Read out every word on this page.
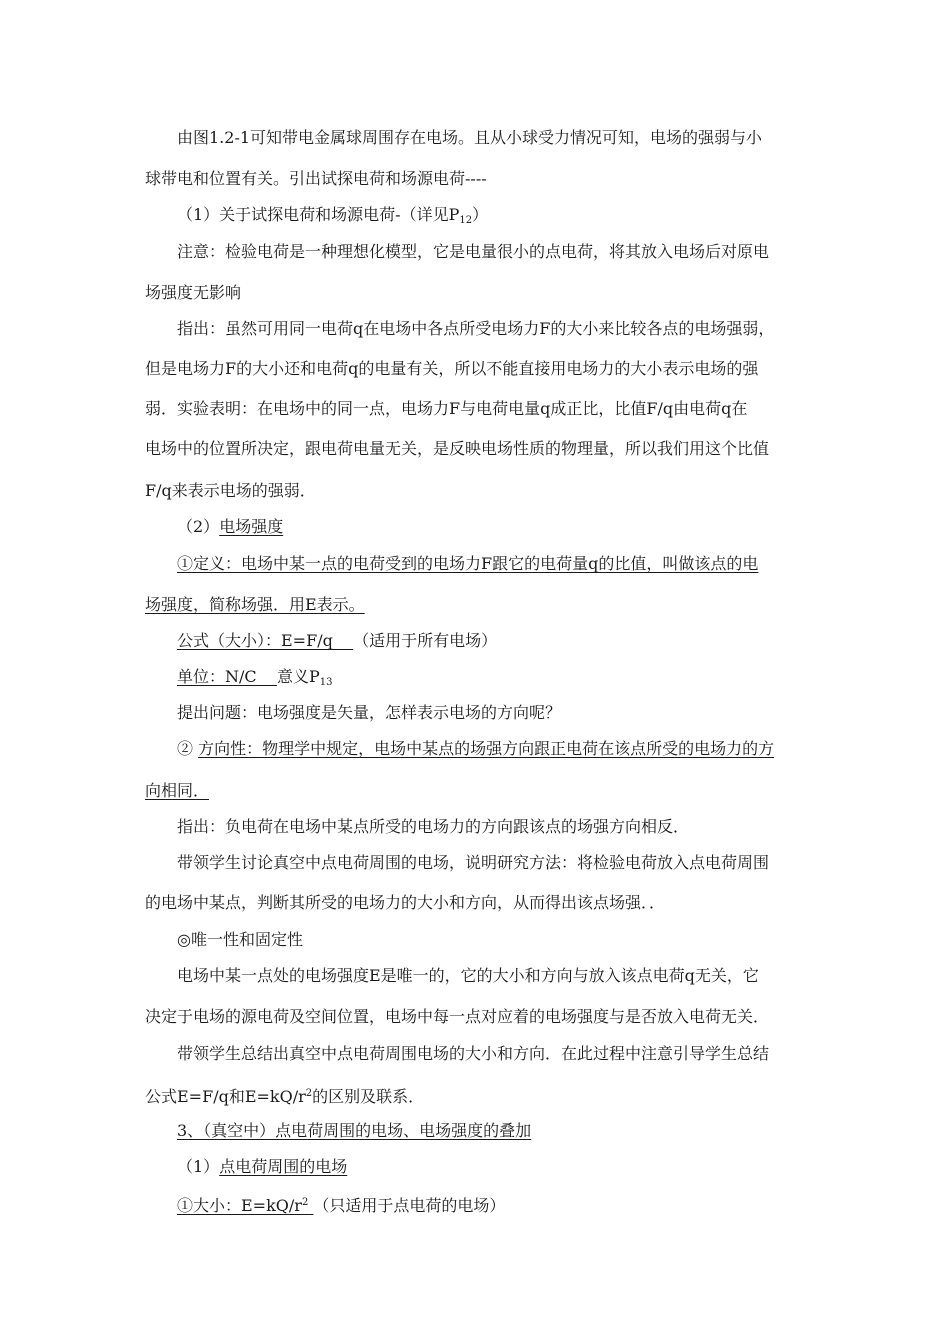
由图1.2-1可知带电金属球周围存在电场。且从小球受力情况可知，电场的强弱与小
球带电和位置有关。引出试探电荷和场源电荷----
（1）关于试探电荷和场源电荷-（详见$P_{12}$）
注意：检验电荷是一种理想化模型，它是电量很小的点电荷，将其放入电场后对原电
场强度无影响
指出：虽然可用同一电荷q在电场中各点所受电场力F的大小来比较各点的电场强弱，
但是电场力F的大小还和电荷q的电量有关，所以不能直接用电场力的大小表示电场的强
弱．实验表明：在电场中的同一点，电场力F与电荷电量q成正比，比值F/q由电荷q在
电场中的位置所决定，跟电荷电量无关，是反映电场性质的物理量，所以我们用这个比值
F/q来表示电场的强弱．
（2）电场强度
①定义：电场中某一点的电荷受到的电场力F跟它的电荷量q的比值，叫做该点的电
场强度，简称场强．用E表示。
公式（大小）：E=F/q    （适用于所有电场）
单位：N/C    意义$P_{13}$
提出问题：电场强度是矢量，怎样表示电场的方向呢？
② 方向性：物理学中规定，电场中某点的场强方向跟正电荷在该点所受的电场力的方
向相同．
指出：负电荷在电场中某点所受的电场力的方向跟该点的场强方向相反．
带领学生讨论真空中点电荷周围的电场，说明研究方法：将检验电荷放入点电荷周围
的电场中某点，判断其所受的电场力的大小和方向，从而得出该点场强．．
◎唯一性和固定性
电场中某一点处的电场强度E是唯一的，它的大小和方向与放入该点电荷q无关，它
决定于电场的源电荷及空间位置，电场中每一点对应着的电场强度与是否放入电荷无关．
带领学生总结出真空中点电荷周围电场的大小和方向．在此过程中注意引导学生总结
公式E=F/q和$E=kQ/r^2$的区别及联系．
3、（真空中）点电荷周围的电场、电场强度的叠加
（1）点电荷周围的电场
①大小：$E=kQ/r^2$ （只适用于点电荷的电场）
